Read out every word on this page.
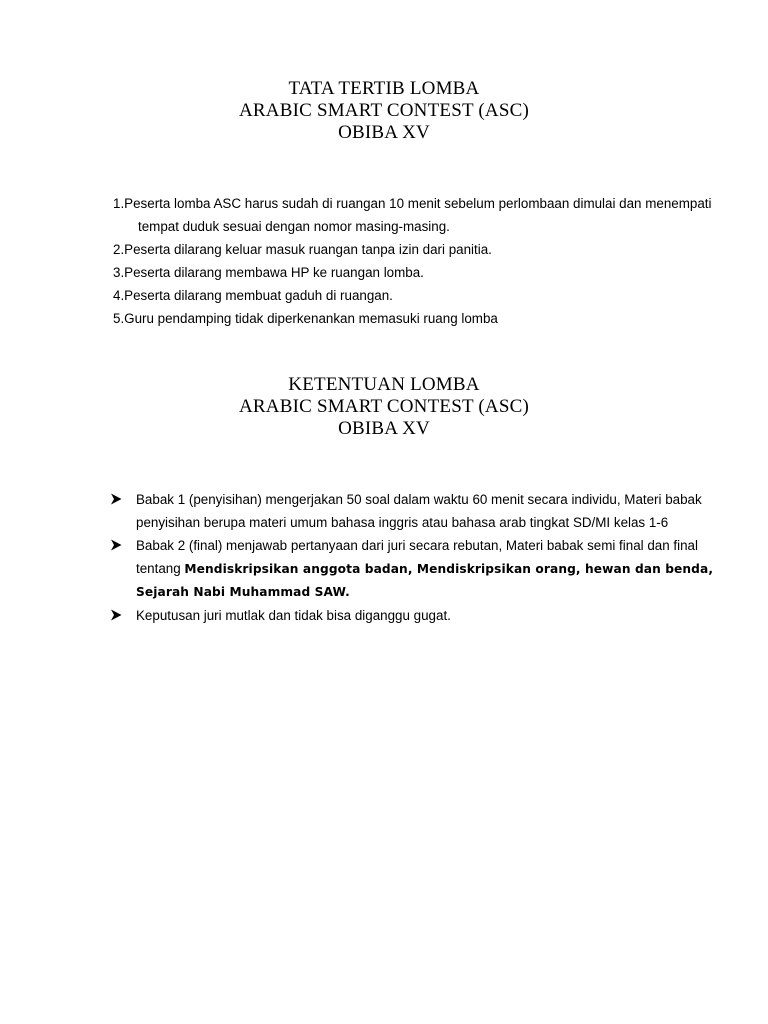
TATA TERTIB LOMBA
ARABIC SMART CONTEST (ASC)
OBIBA XV
1.Peserta lomba ASC harus sudah di ruangan 10 menit sebelum perlombaan dimulai dan menempati
tempat duduk sesuai dengan nomor masing-masing.
2.Peserta dilarang keluar masuk ruangan tanpa izin dari panitia.
3.Peserta dilarang membawa HP ke ruangan lomba.
4.Peserta dilarang membuat gaduh di ruangan.
5.Guru pendamping tidak diperkenankan memasuki ruang lomba
KETENTUAN LOMBA
ARABIC SMART CONTEST (ASC)
OBIBA XV
Babak 1 (penyisihan) mengerjakan 50 soal dalam waktu 60 menit secara individu, Materi babak
penyisihan berupa materi umum bahasa inggris atau bahasa arab tingkat SD/MI kelas 1-6
Babak 2 (final) menjawab pertanyaan dari juri secara rebutan, Materi babak semi final dan final
tentang Mendiskripsikan anggota badan, Mendiskripsikan orang, hewan dan benda,
Sejarah Nabi Muhammad SAW.
Keputusan juri mutlak dan tidak bisa diganggu gugat.
